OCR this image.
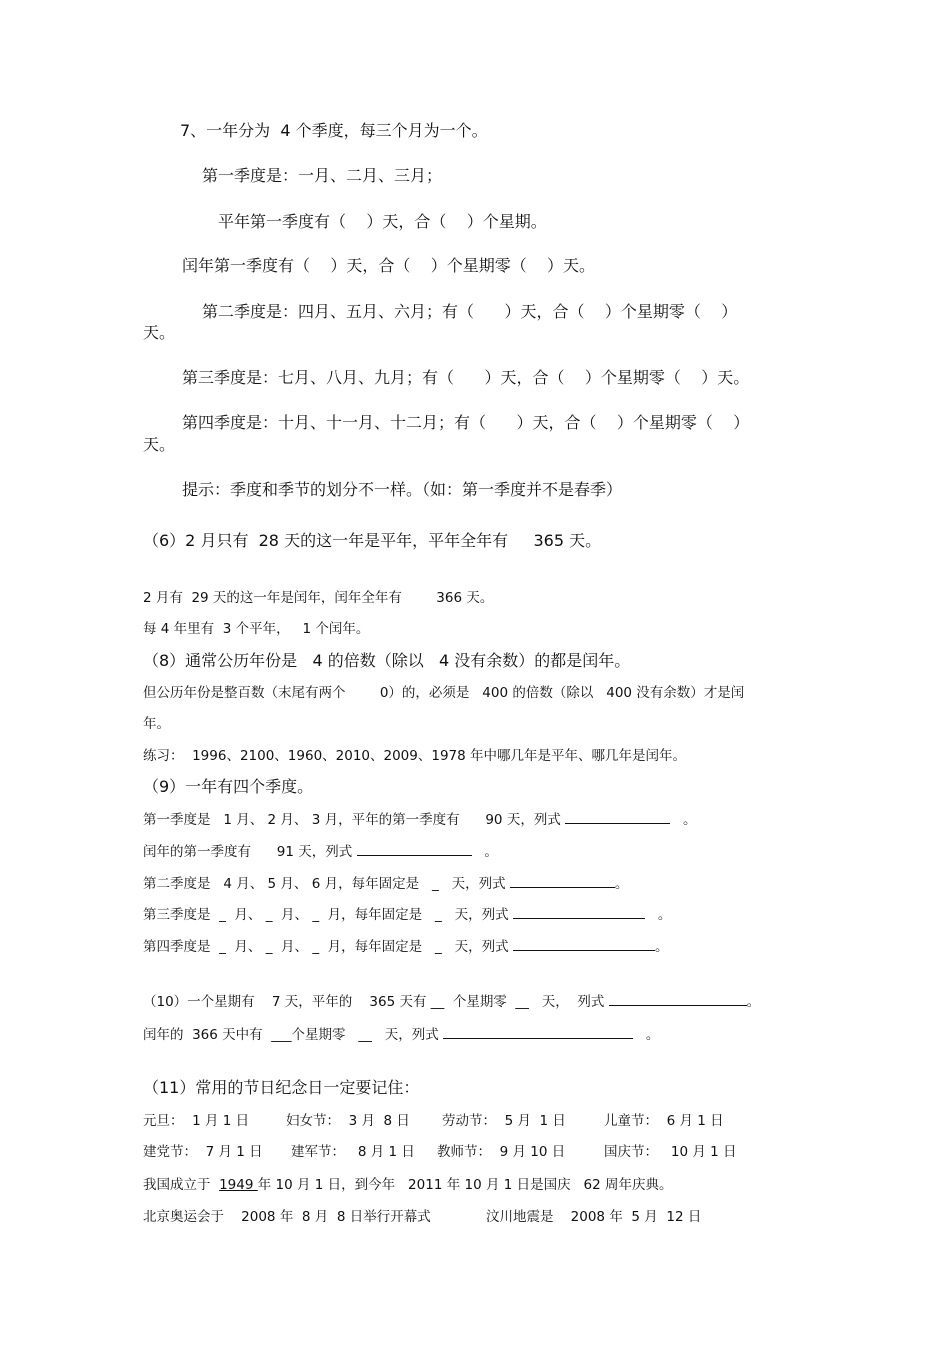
7、一年分为  4 个季度，每三个月为一个。

第一季度是：一月、二月、三月；

平年第一季度有（    ）天，合（    ）个星期。

闰年第一季度有（    ）天，合（    ）个星期零（    ）天。

第二季度是：四月、五月、六月；有（      ）天，合（    ）个星期零（    ）

天。

第三季度是：七月、八月、九月；有（      ）天，合（    ）个星期零（    ）天。

第四季度是：十月、十一月、十二月；有（      ）天，合（    ）个星期零（    ）

天。

提示：季度和季节的划分不一样。（如：第一季度并不是春季）

（6）2 月只有  28 天的这一年是平年，平年全年有     365 天。

2 月有  29 天的这一年是闰年，闰年全年有        366 天。

每 4 年里有  3 个平年，   1 个闰年。

（8）通常公历年份是   4 的倍数（除以   4 没有余数）的都是闰年。

但公历年份是整百数（末尾有两个        0）的，必须是   400 的倍数（除以   400 没有余数）才是闰

年。

练习：  1996、2100、1960、2010、2009、1978 年中哪几年是平年、哪几年是闰年。

（9）一年有四个季度。

第一季度是   1 月、 2 月、 3 月，平年的第一季度有      90 天，列式	。

闰年的第一季度有      91 天，列式	。

第二季度是   4 月、 5 月、 6 月，每年固定是   _   天，列式	。

第三季度是  _  月、 _  月、 _  月，每年固定是   _   天，列式	。

第四季度是  _  月、 _  月、 _  月，每年固定是   _   天，列式	。

（10）一个星期有    7 天，平年的    365 天有 __  个星期零  __   天，  列式	。

闰年的  366 天中有  ___个星期零   __   天，列式	。

（11）常用的节日纪念日一定要记住：

元旦：  1 月 1 日	妇女节：  3 月  8 日 劳动节：  5 月  1 日	儿童节：  6 月 1 日

建党节：  7 月 1 日 建军节：   8 月 1 日 教师节：  9 月 10 日	国庆节：   10 月 1 日

我国成立于  1949 年 10 月 1 日，到今年   2011 年 10 月 1 日是国庆   62 周年庆典。

北京奥运会于    2008 年  8 月  8 日举行开幕式	汶川地震是    2008 年  5 月  12 日
